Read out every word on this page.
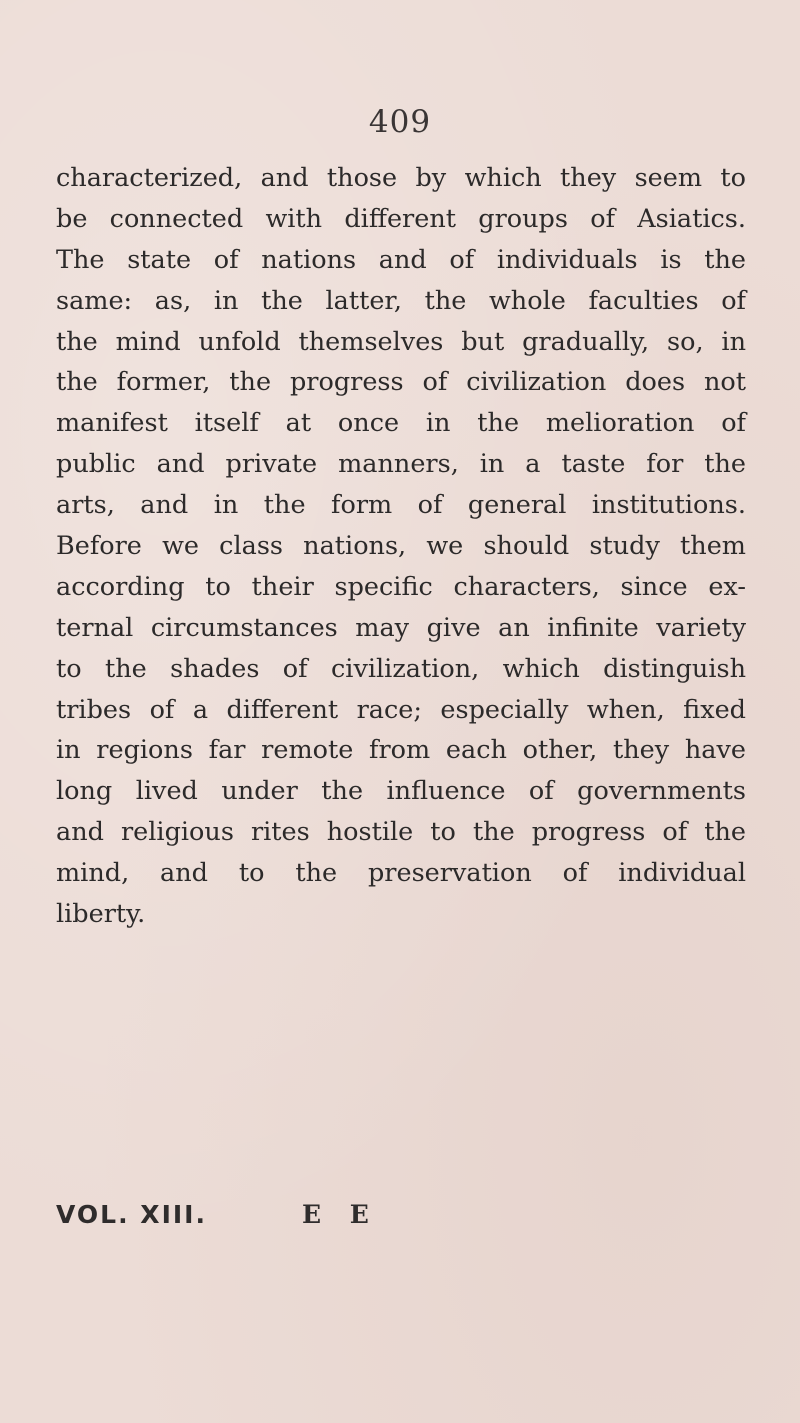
409
characterized, and those by which they seem to
be connected with different groups of Asiatics.
The state of nations and of individuals is the
same: as, in the latter, the whole faculties of
the mind unfold themselves but gradually, so, in
the former, the progress of civilization does not
manifest itself at once in the melioration of
public and private manners, in a taste for the
arts, and in the form of general institutions.
Before we class nations, we should study them
according to their specific characters, since ex-
ternal circumstances may give an infinite variety
to the shades of civilization, which distinguish
tribes of a different race; especially when, fixed
in regions far remote from each other, they have
long lived under the influence of governments
and religious rites hostile to the progress of the
mind, and to the preservation of individual
liberty.
VOL. XIII.	E E
